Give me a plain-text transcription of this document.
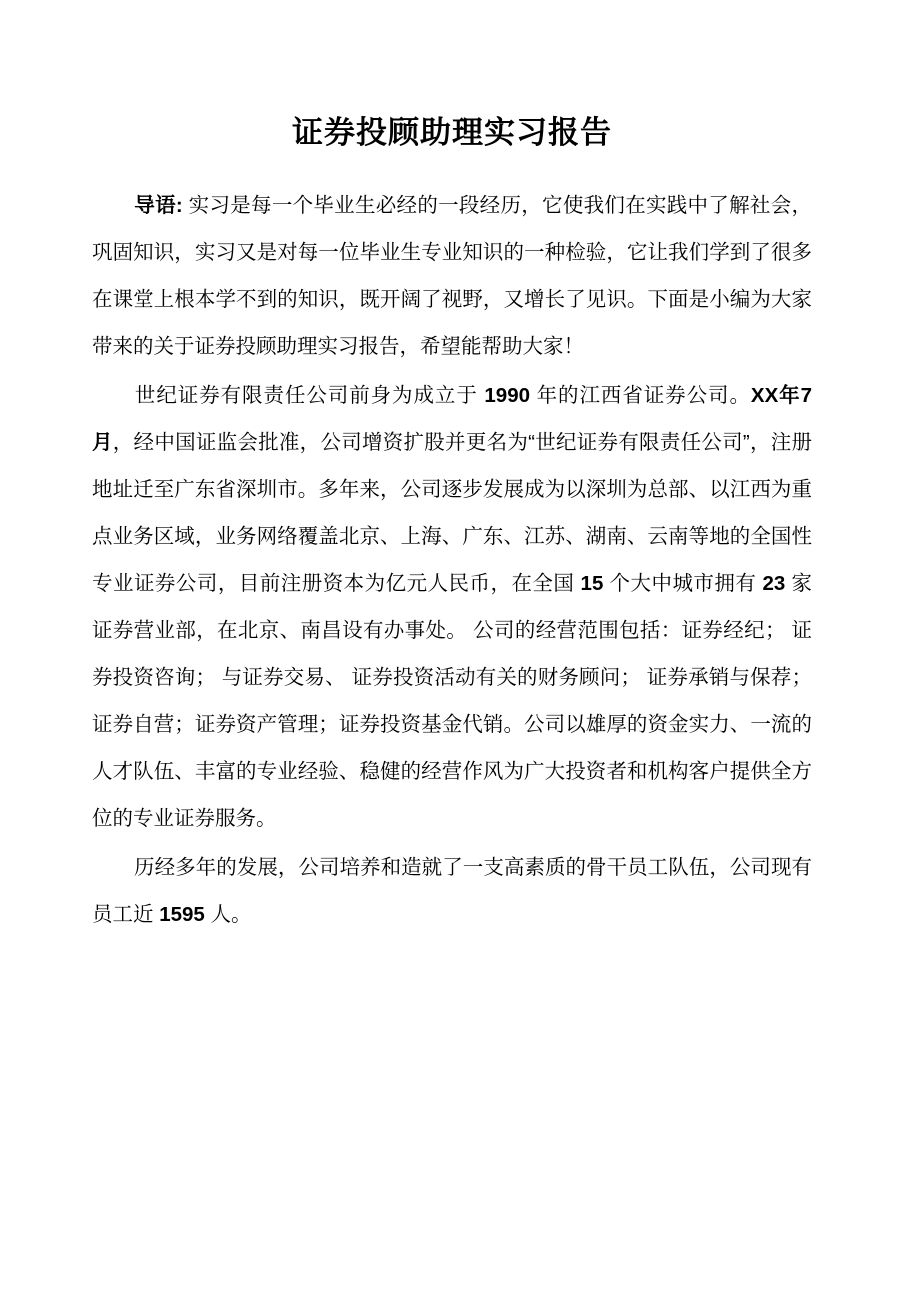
证券投顾助理实习报告

导语: 实习是每一个毕业生必经的一段经历，它使我们在实践中了解社会，巩固知识，实习又是对每一位毕业生专业知识的一种检验，它让我们学到了很多在课堂上根本学不到的知识，既开阔了视野，又增长了见识。下面是小编为大家带来的关于证券投顾助理实习报告，希望能帮助大家！

世纪证券有限责任公司前身为成立于 1990 年的江西省证券公司。XX年7月，经中国证监会批准，公司增资扩股并更名为“世纪证券有限责任公司”，注册地址迁至广东省深圳市。多年来，公司逐步发展成为以深圳为总部、以江西为重点业务区域，业务网络覆盖北京、上海、广东、江苏、湖南、云南等地的全国性专业证券公司，目前注册资本为亿元人民币，在全国 15 个大中城市拥有 23 家证券营业部，在北京、南昌设有办事处。 公司的经营范围包括：证券经纪； 证券投资咨询； 与证券交易、 证券投资活动有关的财务顾问； 证券承销与保荐；证券自营；证券资产管理；证券投资基金代销。公司以雄厚的资金实力、一流的人才队伍、丰富的专业经验、稳健的经营作风为广大投资者和机构客户提供全方位的专业证券服务。

历经多年的发展，公司培养和造就了一支高素质的骨干员工队伍，公司现有员工近 1595 人。
